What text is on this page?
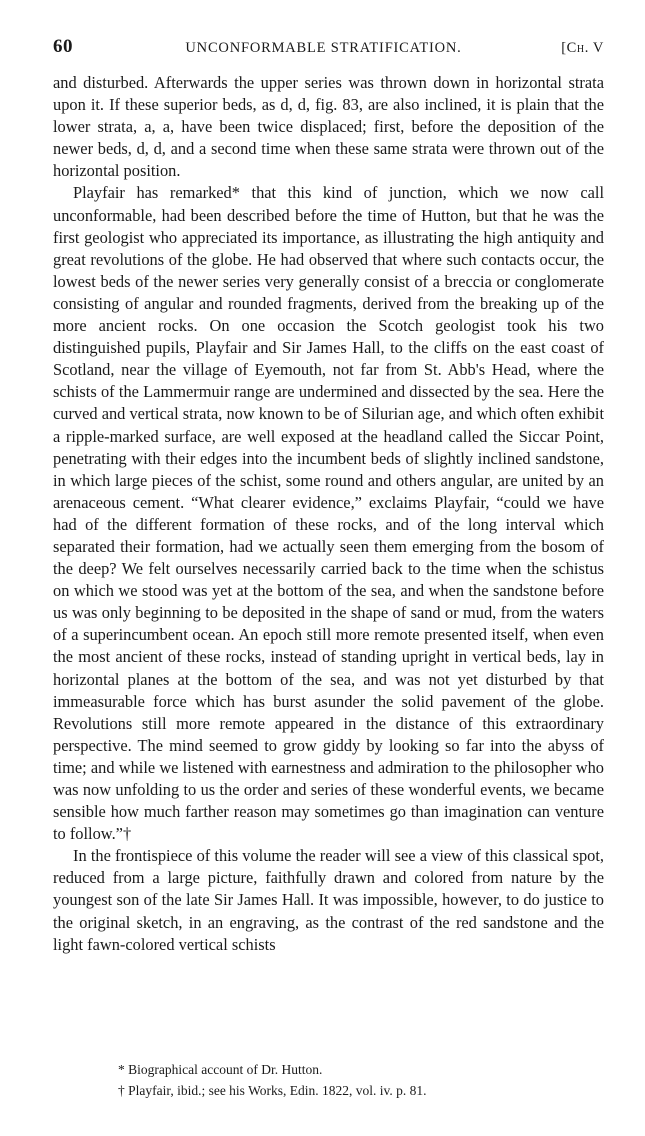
60	UNCONFORMABLE STRATIFICATION.	[Ch. V

and disturbed. Afterwards the upper series was thrown down in horizontal strata upon it. If these superior beds, as d, d, fig. 83, are also inclined, it is plain that the lower strata, a, a, have been twice displaced; first, before the deposition of the newer beds, d, d, and a second time when these same strata were thrown out of the horizontal position.

Playfair has remarked* that this kind of junction, which we now call unconformable, had been described before the time of Hutton, but that he was the first geologist who appreciated its importance, as illustrating the high antiquity and great revolutions of the globe. He had observed that where such contacts occur, the lowest beds of the newer series very generally consist of a breccia or conglomerate consisting of angular and rounded fragments, derived from the breaking up of the more ancient rocks. On one occasion the Scotch geologist took his two distinguished pupils, Playfair and Sir James Hall, to the cliffs on the east coast of Scotland, near the village of Eyemouth, not far from St. Abb's Head, where the schists of the Lammermuir range are undermined and dissected by the sea. Here the curved and vertical strata, now known to be of Silurian age, and which often exhibit a ripple-marked surface, are well exposed at the headland called the Siccar Point, penetrating with their edges into the incumbent beds of slightly inclined sandstone, in which large pieces of the schist, some round and others angular, are united by an arenaceous cement. “What clearer evidence,” exclaims Playfair, “could we have had of the different formation of these rocks, and of the long interval which separated their formation, had we actually seen them emerging from the bosom of the deep? We felt ourselves necessarily carried back to the time when the schistus on which we stood was yet at the bottom of the sea, and when the sandstone before us was only beginning to be deposited in the shape of sand or mud, from the waters of a superincumbent ocean. An epoch still more remote presented itself, when even the most ancient of these rocks, instead of standing upright in vertical beds, lay in horizontal planes at the bottom of the sea, and was not yet disturbed by that immeasurable force which has burst asunder the solid pavement of the globe. Revolutions still more remote appeared in the distance of this extraordinary perspective. The mind seemed to grow giddy by looking so far into the abyss of time; and while we listened with earnestness and admiration to the philosopher who was now unfolding to us the order and series of these wonderful events, we became sensible how much farther reason may sometimes go than imagination can venture to follow.”†

In the frontispiece of this volume the reader will see a view of this classical spot, reduced from a large picture, faithfully drawn and colored from nature by the youngest son of the late Sir James Hall. It was impossible, however, to do justice to the original sketch, in an engraving, as the contrast of the red sandstone and the light fawn-colored vertical schists

* Biographical account of Dr. Hutton.

† Playfair, ibid.; see his Works, Edin. 1822, vol. iv. p. 81.
